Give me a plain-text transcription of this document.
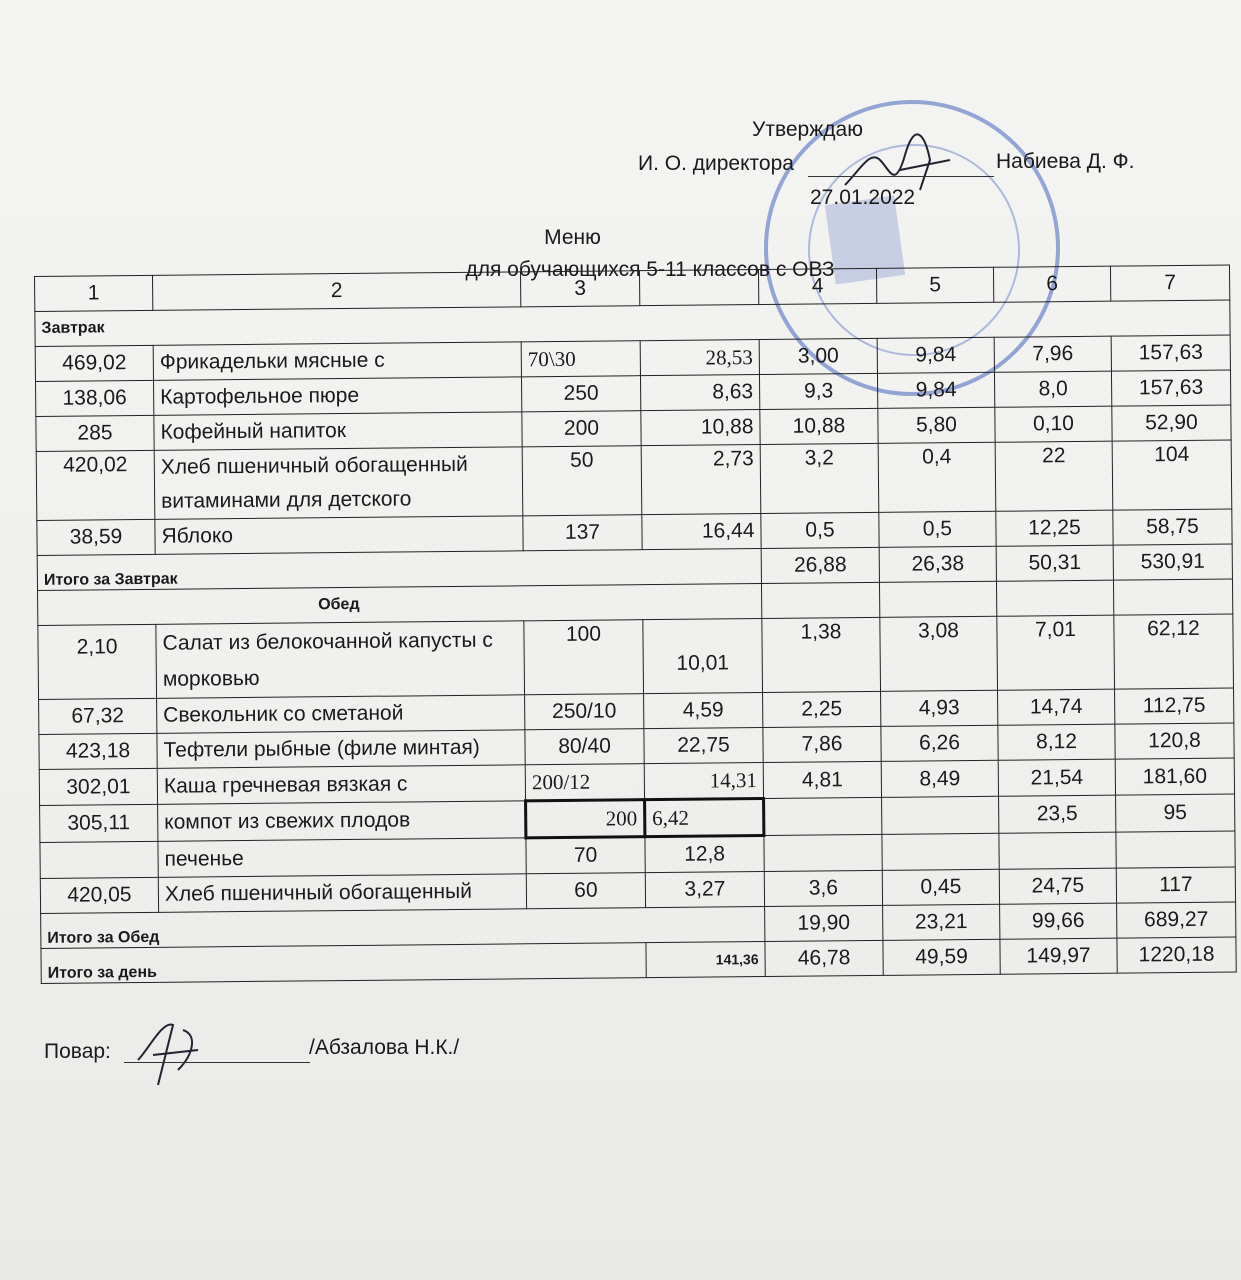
Утверждаю
И. О. директора	Набиева Д. Ф.
27.01.2022
Меню
для обучающихся 5-11 классов с ОВЗ
1	2	3		4	5	6	7
Завтрак							
469,02	Фрикадельки мясные с	70\30	28,53	3,00	9,84	7,96	157,63
138,06	Картофельное пюре	250	8,63	9,3	9,84	8,0	157,63
285	Кофейный напиток	200	10,88	10,88	5,80	0,10	52,90
420,02	Хлеб пшеничный обогащенный витаминами для детского	50	2,73	3,2	0,4	22	104
38,59	Яблоко	137	16,44	0,5	0,5	12,25	58,75
Итого за Завтрак				26,88	26,38	50,31	530,91
Обед							
2,10	Салат из белокочанной капусты с морковью	100	10,01	1,38	3,08	7,01	62,12
67,32	Свекольник со сметаной	250/10	4,59	2,25	4,93	14,74	112,75
423,18	Тефтели рыбные (филе минтая)	80/40	22,75	7,86	6,26	8,12	120,8
302,01	Каша гречневая вязкая с	200/12	14,31	4,81	8,49	21,54	181,60
305,11	компот из свежих плодов	200	6,42			23,5	95
	печенье	70	12,8				
420,05	Хлеб пшеничный обогащенный	60	3,27	3,6	0,45	24,75	117
Итого за Обед				19,90	23,21	99,66	689,27
Итого за день			141,36	46,78	49,59	149,97	1220,18
Повар:	/Абзалова Н.К./
